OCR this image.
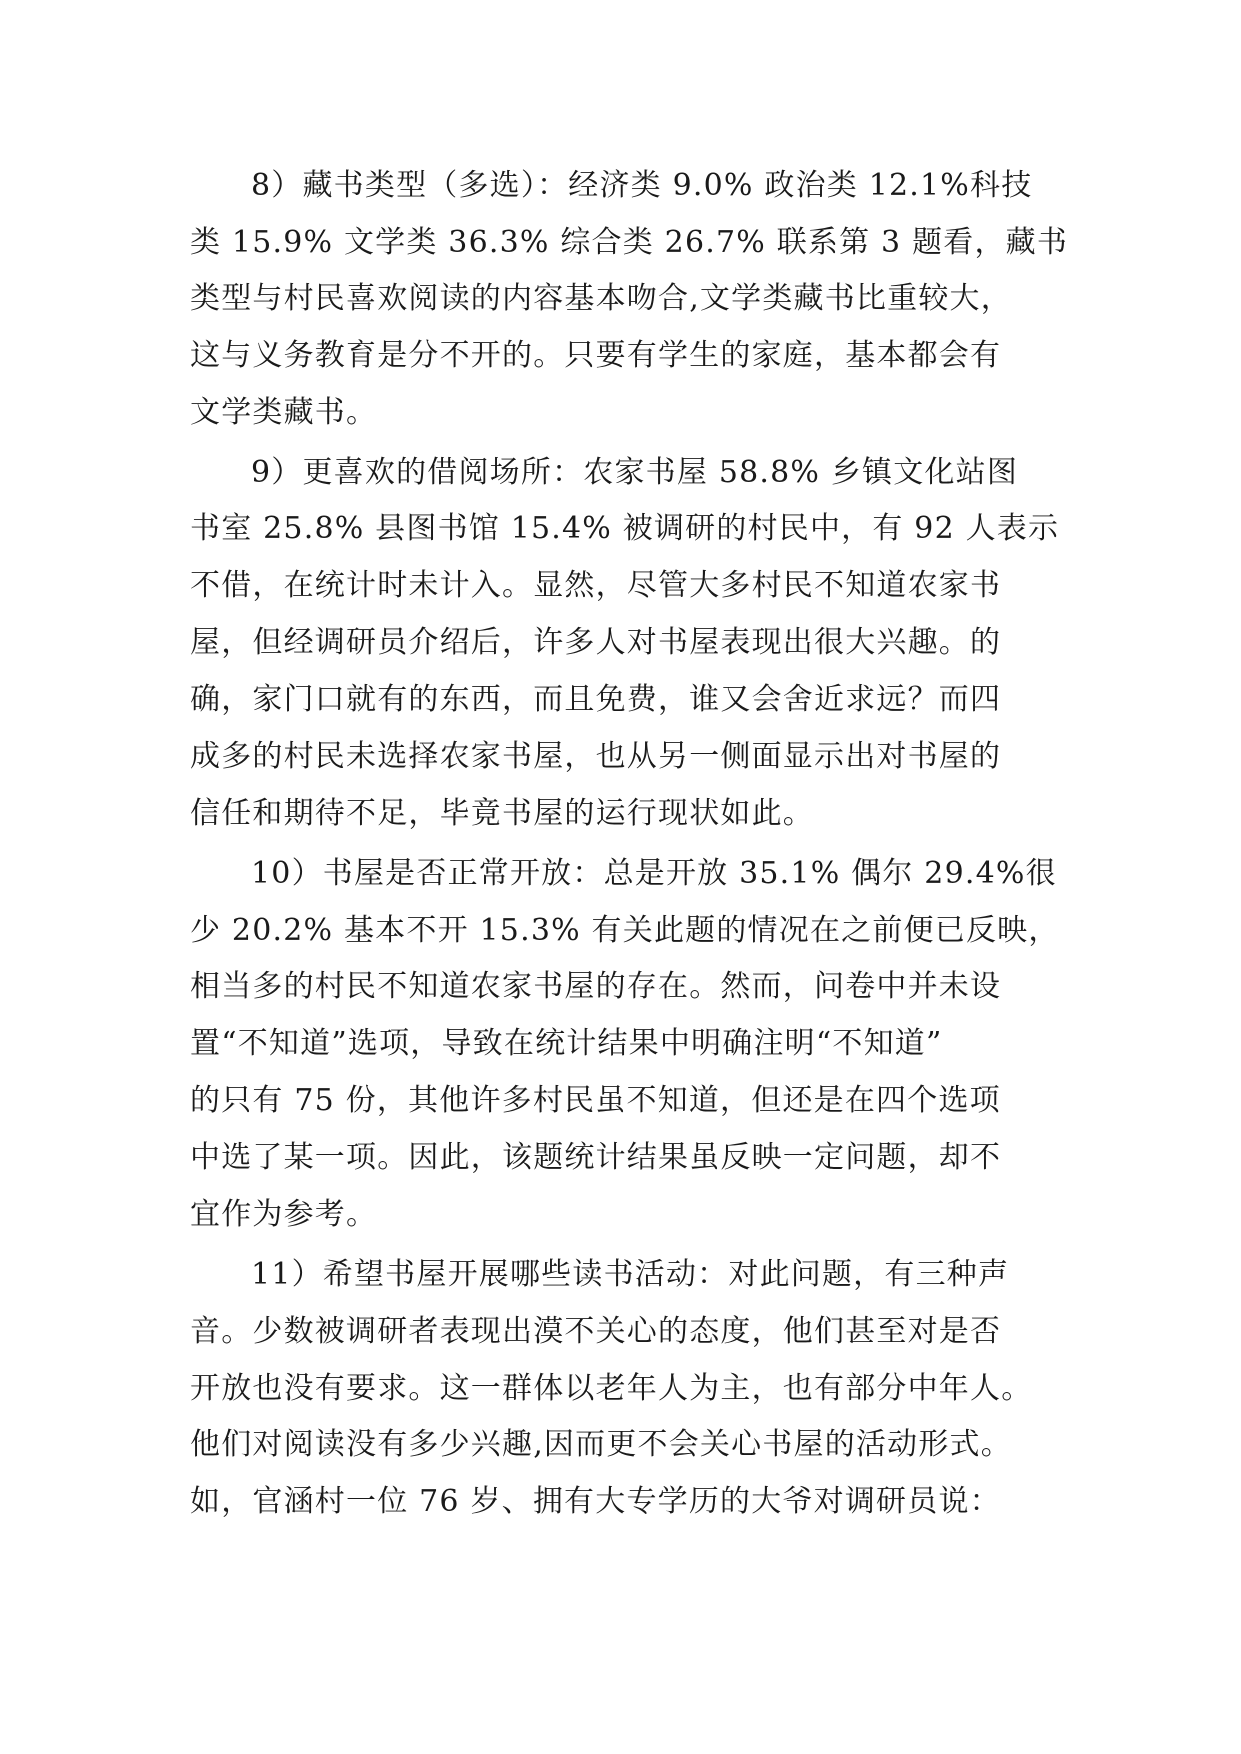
8）藏书类型（多选）：经济类 9.0% 政治类 12.1%科技
类 15.9% 文学类 36.3% 综合类 26.7% 联系第 3 题看，藏书
类型与村民喜欢阅读的内容基本吻合,文学类藏书比重较大，
这与义务教育是分不开的。只要有学生的家庭，基本都会有
文学类藏书。
9）更喜欢的借阅场所：农家书屋 58.8% 乡镇文化站图
书室 25.8% 县图书馆 15.4% 被调研的村民中，有 92 人表示
不借，在统计时未计入。显然，尽管大多村民不知道农家书
屋，但经调研员介绍后，许多人对书屋表现出很大兴趣。的
确，家门口就有的东西，而且免费，谁又会舍近求远？而四
成多的村民未选择农家书屋，也从另一侧面显示出对书屋的
信任和期待不足，毕竟书屋的运行现状如此。
10）书屋是否正常开放：总是开放 35.1% 偶尔 29.4%很
少 20.2% 基本不开 15.3% 有关此题的情况在之前便已反映，
相当多的村民不知道农家书屋的存在。然而，问卷中并未设
置“不知道”选项，导致在统计结果中明确注明“不知道”
的只有 75 份，其他许多村民虽不知道，但还是在四个选项
中选了某一项。因此，该题统计结果虽反映一定问题，却不
宜作为参考。
11）希望书屋开展哪些读书活动：对此问题，有三种声
音。少数被调研者表现出漠不关心的态度，他们甚至对是否
开放也没有要求。这一群体以老年人为主，也有部分中年人。
他们对阅读没有多少兴趣,因而更不会关心书屋的活动形式。
如，官涵村一位 76 岁、拥有大专学历的大爷对调研员说：
